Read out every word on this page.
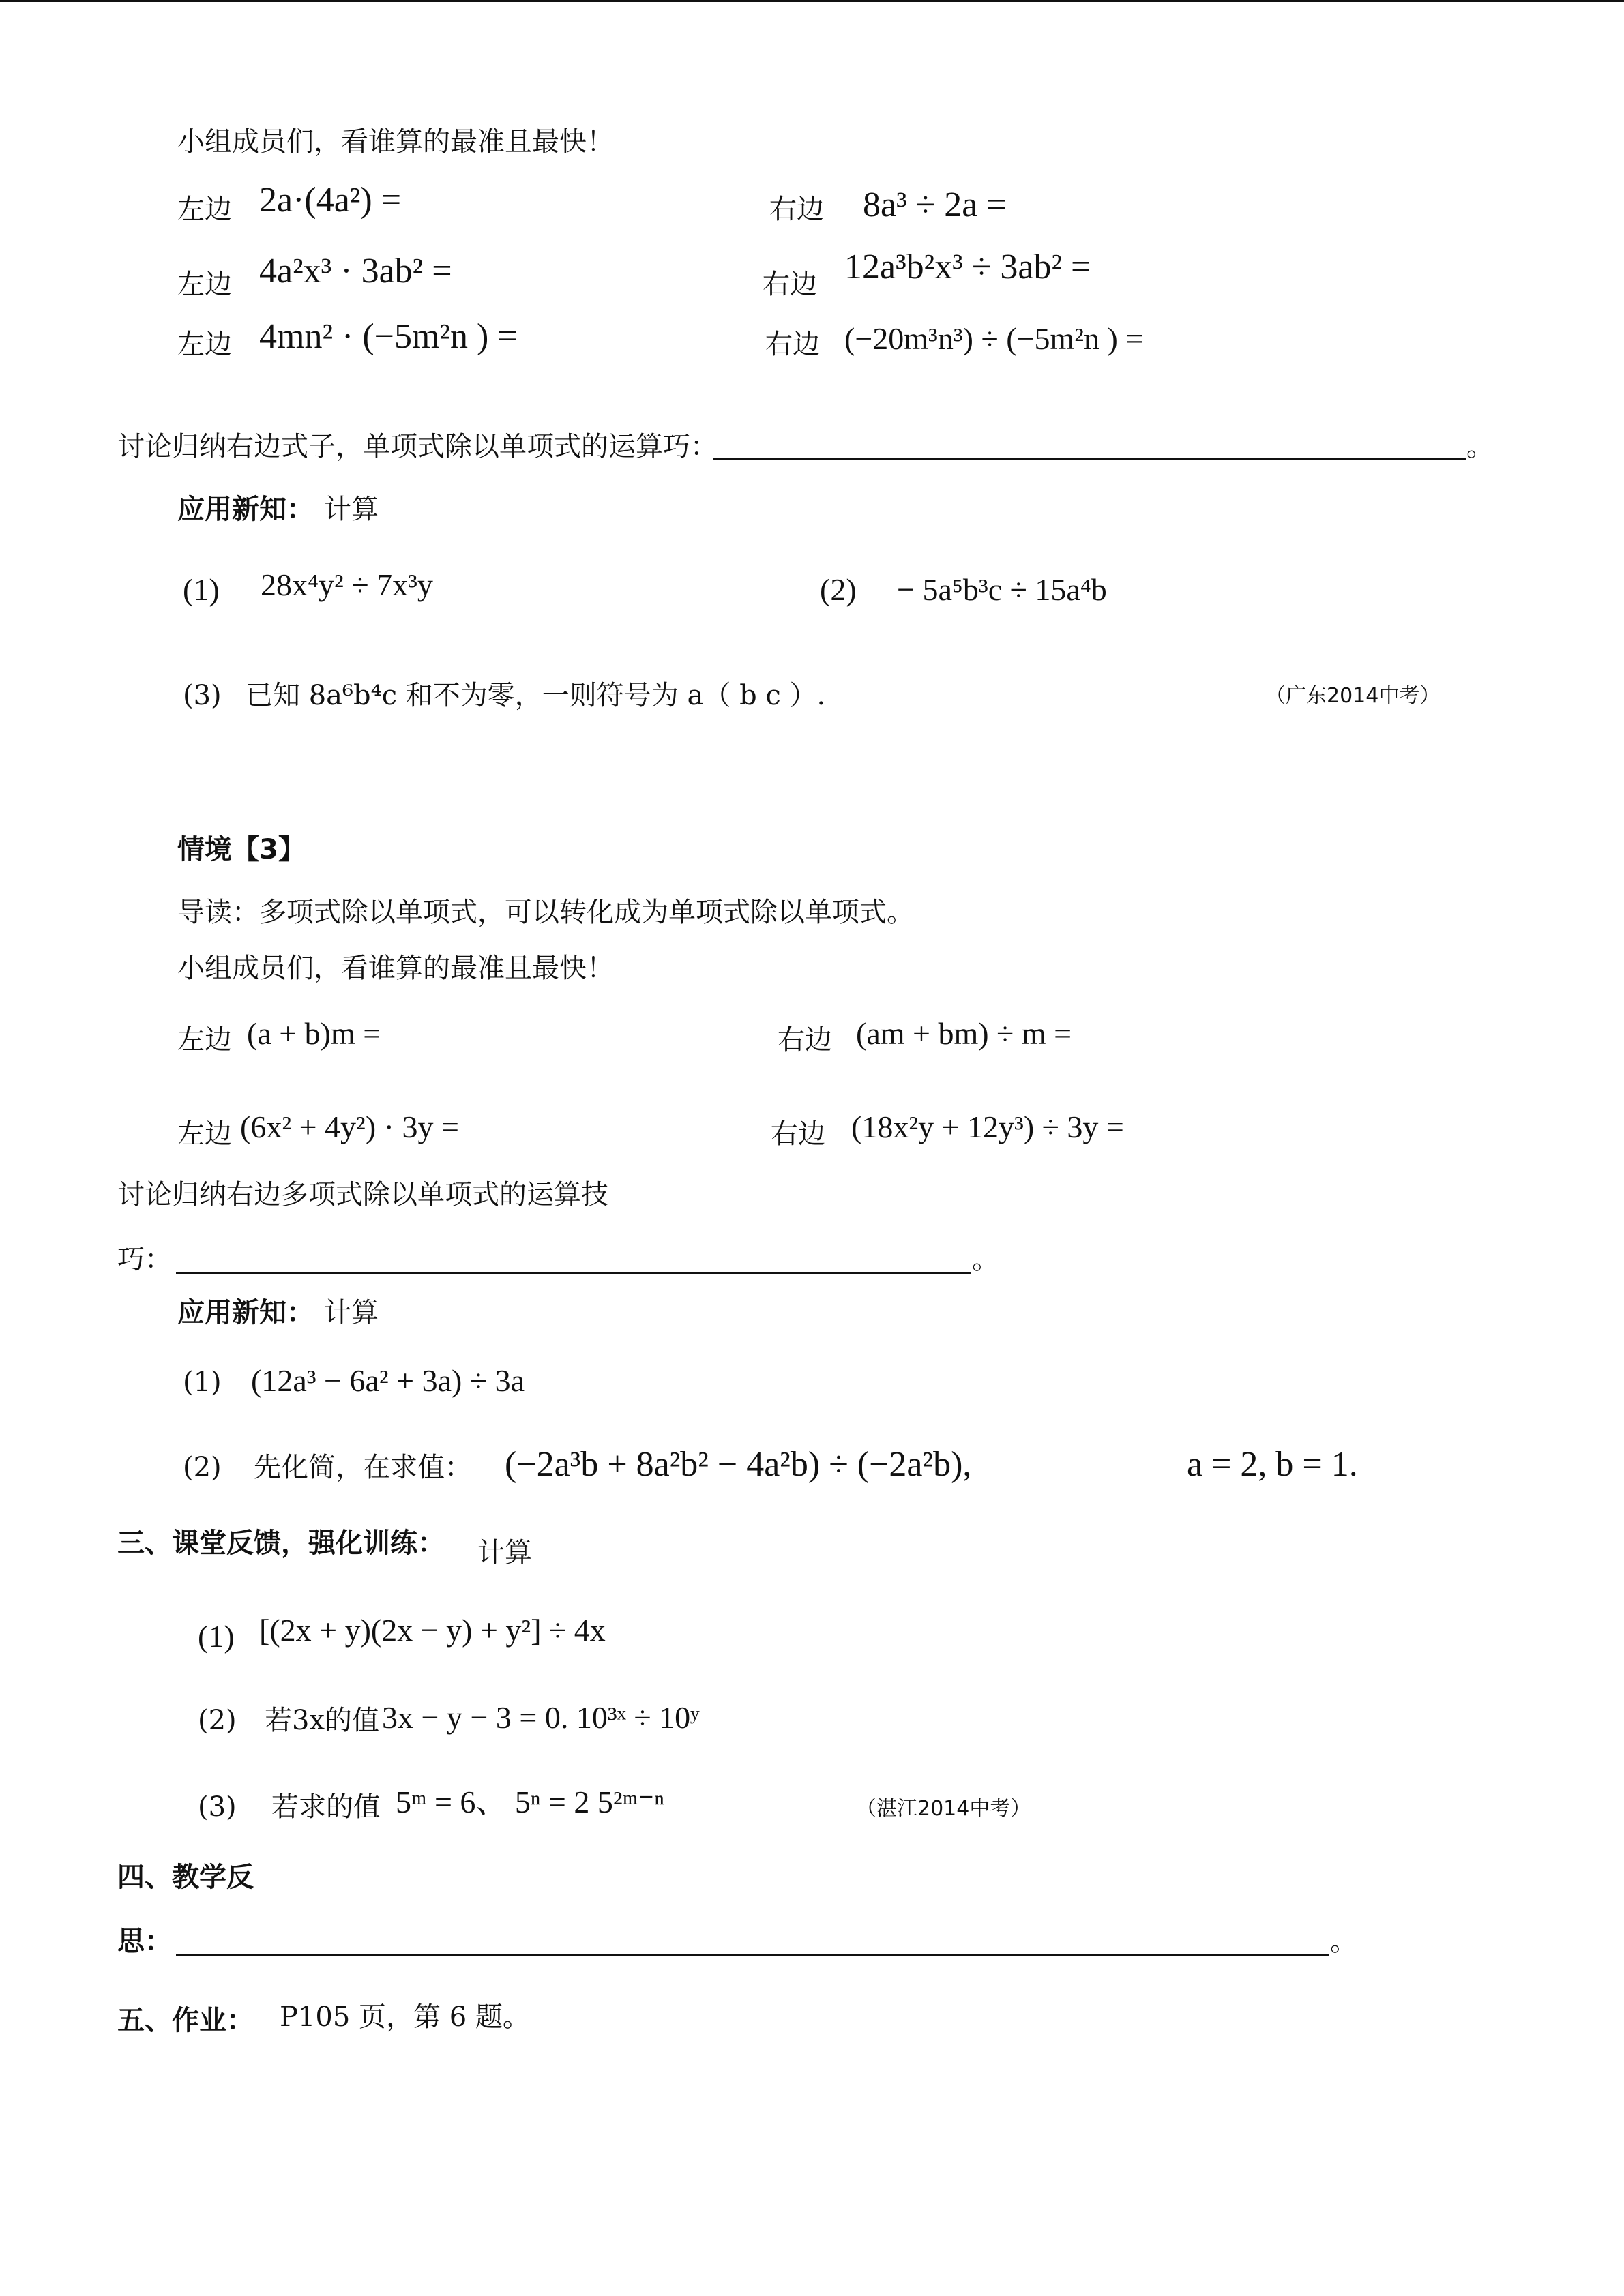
小组成员们，看谁算的最准且最快！
左边 2a·(4a²) =	右边 8a³ ÷ 2a =
左边 4a²x³ · 3ab² =	右边 12a³b²x³ ÷ 3ab² =
左边 4mn² · (−5m²n ) =	右边 (−20m³n³) ÷ (−5m²n ) =
讨论归纳右边式子，单项式除以单项式的运算巧：	。
应用新知： 计算
(1) 28x⁴y² ÷ 7x³y	(2) − 5a⁵b³c ÷ 15a⁴b
(3) 已知 8a⁶b⁴c 和不为零，一则符号为 a（ b c ）.	（广东2014中考）
情境【3】
导读：多项式除以单项式，可以转化成为单项式除以单项式。
小组成员们，看谁算的最准且最快！
左边 (a + b)m =	右边 (am + bm) ÷ m =
左边 (6x² + 4y²) · 3y =	右边 (18x²y + 12y³) ÷ 3y =
讨论归纳右边多项式除以单项式的运算技
巧：	。
应用新知： 计算
(1) (12a³ − 6a² + 3a) ÷ 3a
(2) 先化简，在求值： (−2a³b + 8a²b² − 4a²b) ÷ (−2a²b),	a = 2, b = 1.
三、课堂反馈，强化训练： 计算
(1) [(2x + y)(2x − y) + y²] ÷ 4x
(2) 若3x的值 3x − y − 3 = 0. 10³ˣ ÷ 10ʸ
(3) 若求的值 5ᵐ = 6、 5ⁿ = 2 5²ᵐ⁻ⁿ	（湛江2014中考）
四、教学反
思：	。
五、作业： P105 页，第 6 题。
